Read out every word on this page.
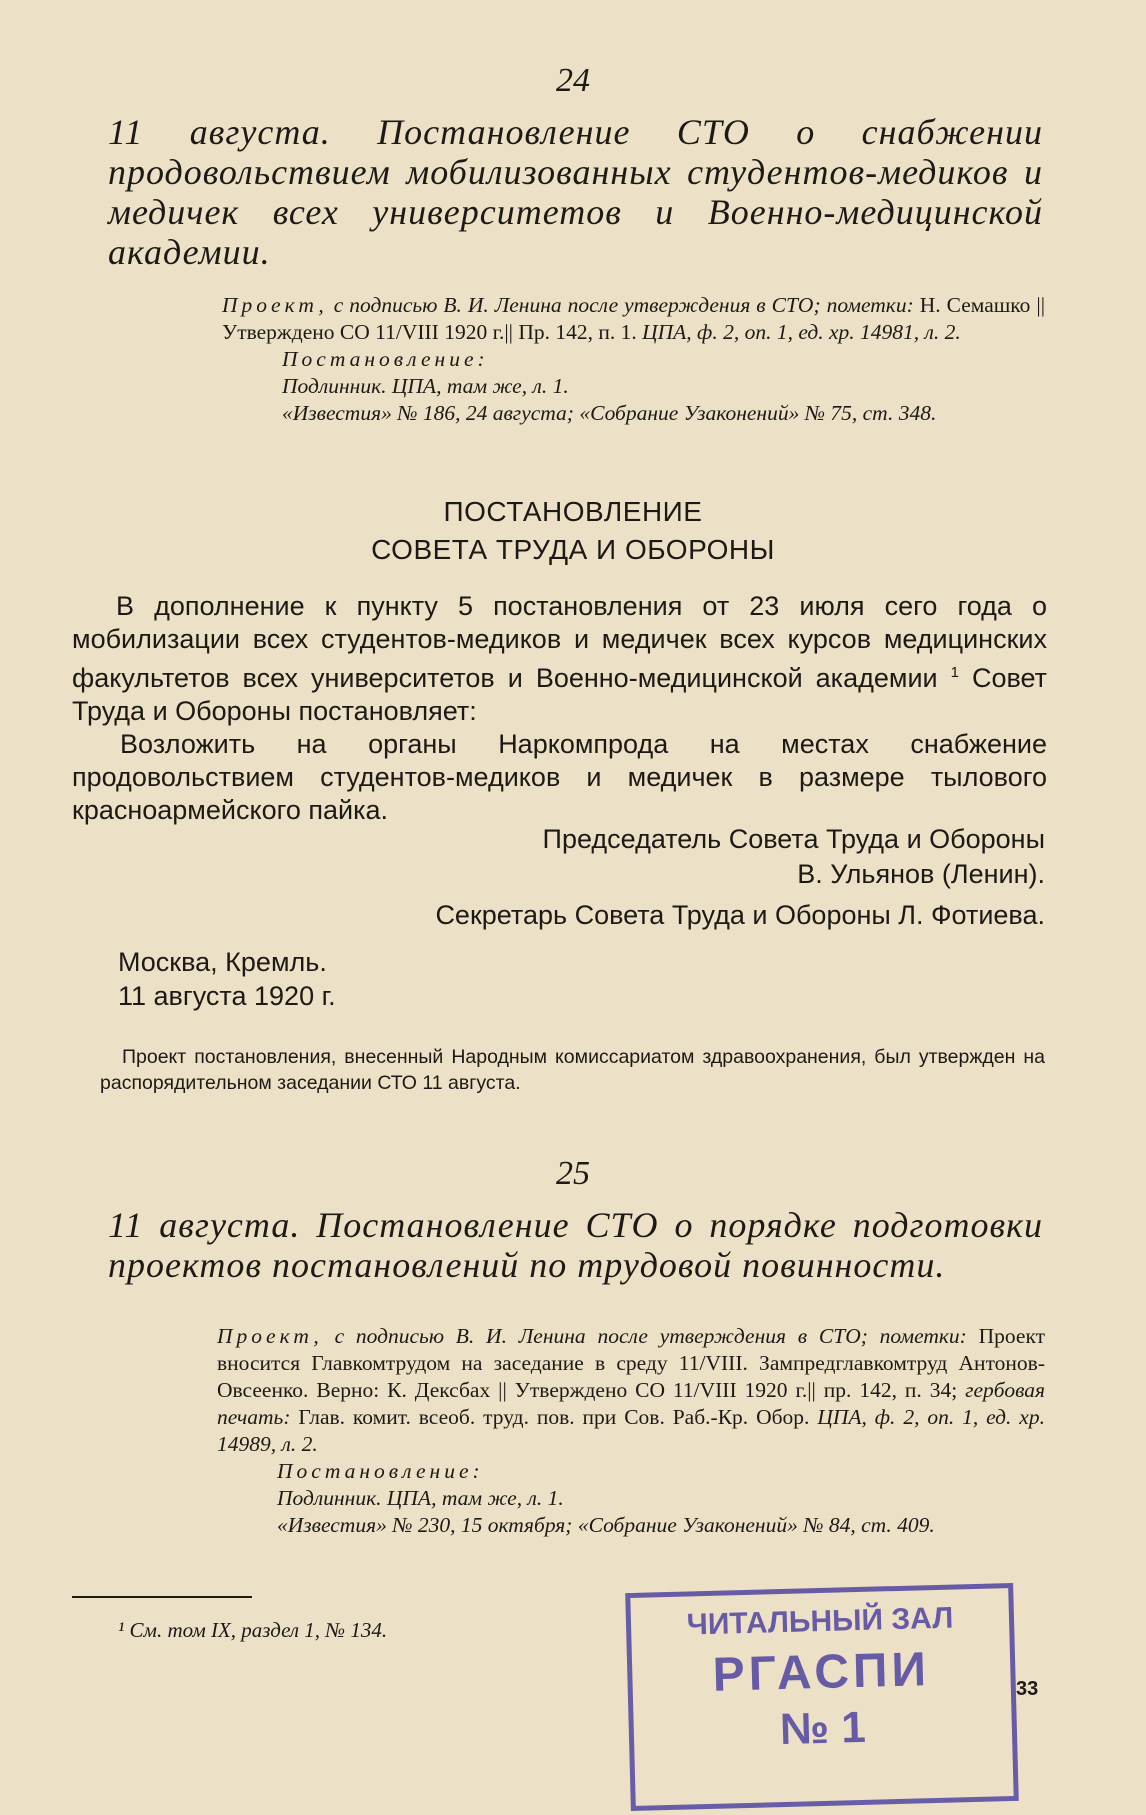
24
11 августа. Постановление СТО о снабжении продовольствием мобилизованных студентов-медиков и медичек всех университетов и Военно-медицинской академии.

Проект, с подписью В. И. Ленина после утверждения в СТО; пометки: Н. Семашко || Утверждено СО 11/VIII 1920 г.|| Пр. 142, п. 1. ЦПА, ф. 2, оп. 1, ед. хр. 14981, л. 2.

Постановление:

Подлинник. ЦПА, там же, л. 1.

«Известия» № 186, 24 августа; «Собрание Узаконений» № 75, ст. 348.

ПОСТАНОВЛЕНИЕ
СОВЕТА ТРУДА И ОБОРОНЫ

В дополнение к пункту 5 постановления от 23 июля сего года о мобилизации всех студентов-медиков и медичек всех курсов медицинских факультетов всех университетов и Военно-медицинской академии $^1$ Совет Труда и Обороны постановляет:

Возложить на органы Наркомпрода на местах снабжение продовольствием студентов-медиков и медичек в размере тылового красноармейского пайка.

Председатель Совета Труда и Обороны
В. Ульянов (Ленин).
Секретарь Совета Труда и Обороны Л. Фотиева.
Москва, Кремль.
11 августа 1920 г.

Проект постановления, внесенный Народным комиссариатом здравоохранения, был утвержден на распорядительном заседании СТО 11 августа.

25
11 августа. Постановление СТО о порядке подготовки проектов постановлений по трудовой повинности.

Проект, с подписью В. И. Ленина после утверждения в СТО; пометки: Проект вносится Главкомтрудом на заседание в среду 11/VIII. Зампредглавкомтруд Антонов-Овсеенко. Верно: К. Дексбах || Утверждено СО 11/VIII 1920 г.|| пр. 142, п. 34; гербовая печать: Глав. комит. всеоб. труд. пов. при Сов. Раб.-Кр. Обор. ЦПА, ф. 2, оп. 1, ед. хр. 14989, л. 2.

Постановление:

Подлинник. ЦПА, там же, л. 1.

«Известия» № 230, 15 октября; «Собрание Узаконений» № 84, ст. 409.

¹ См. том IX, раздел 1, № 134.	ЧИТАЛЬНЫЙ ЗАЛ
РГАСПИ
№ 1
33
